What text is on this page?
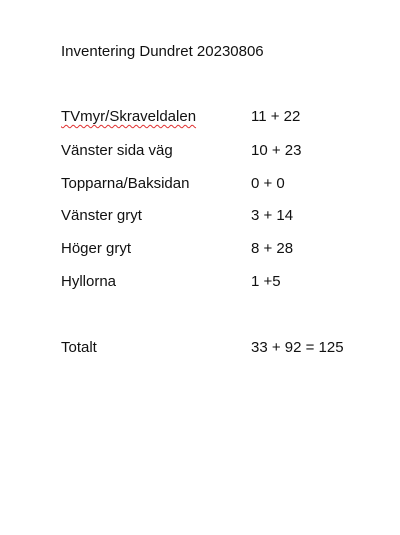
Inventering Dundret 20230806
TVmyr/Skraveldalen	11 + 22
Vänster sida väg	10 + 23
Topparna/Baksidan	0 + 0
Vänster gryt	3 + 14
Höger gryt	8 + 28
Hyllorna	1 +5
Totalt	33 + 92 = 125
